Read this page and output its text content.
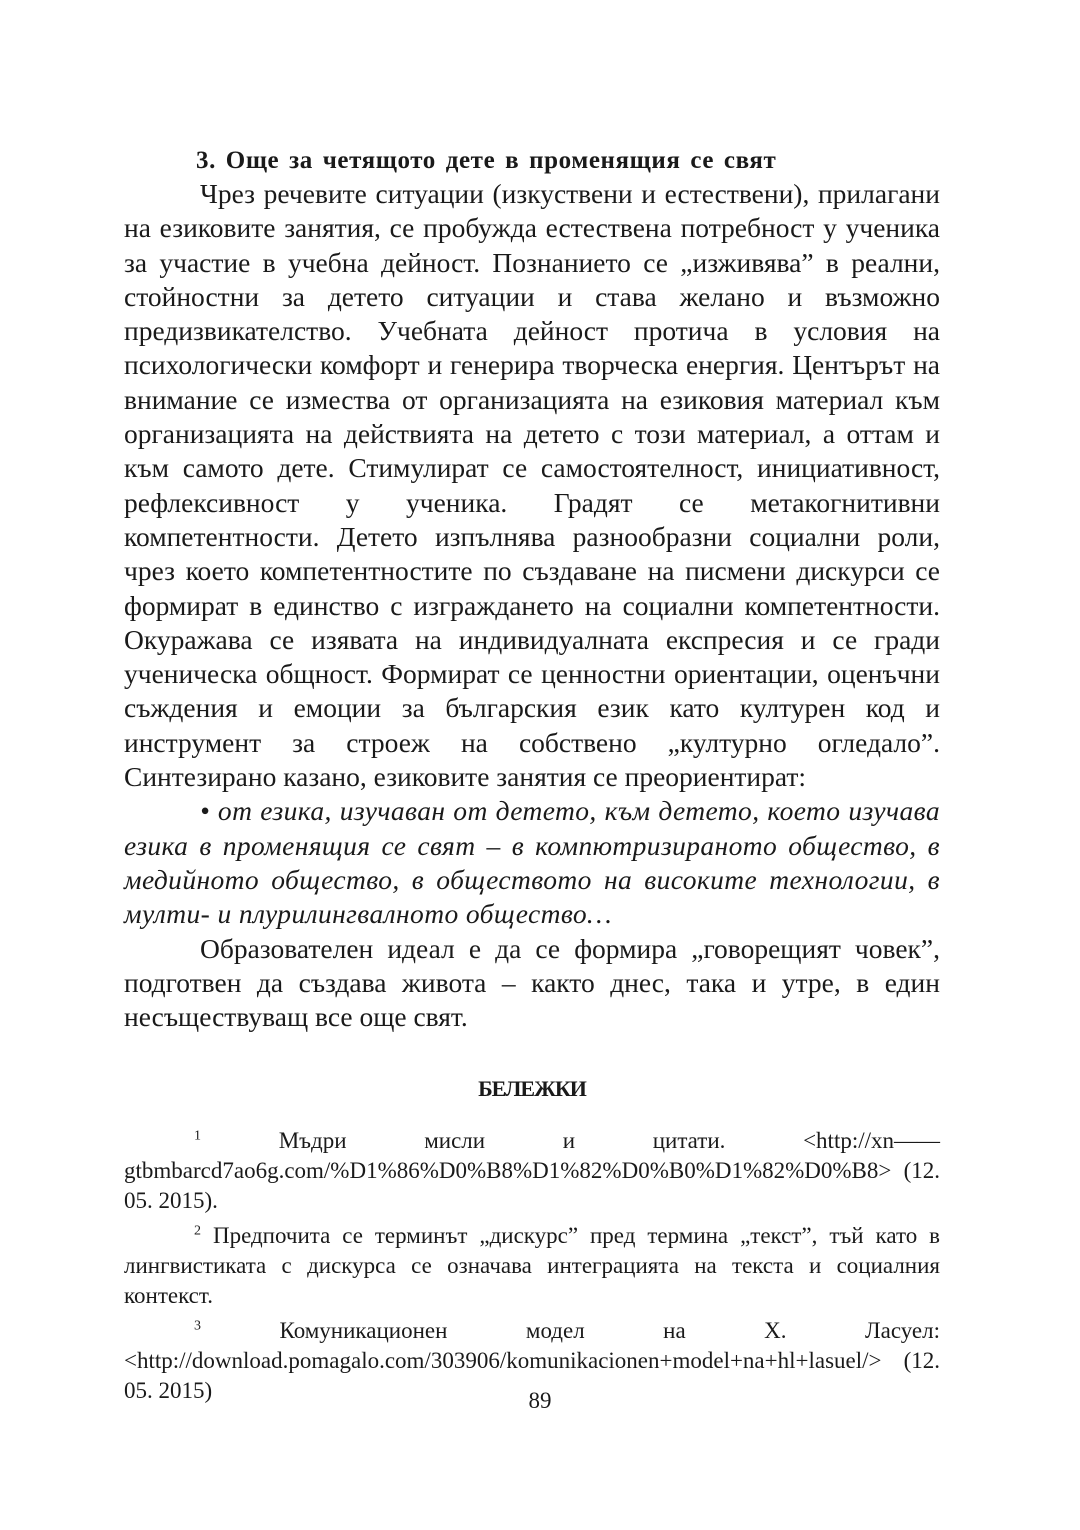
3. Още за четящото дете в променящия се свят

Чрез речевите ситуации (изкуствени и естествени), прилагани на езиковите занятия, се пробужда естествена потребност у ученика за участие в учебна дейност. Познанието се „изживява” в реални, стойностни за детето ситуации и става желано и възможно предизвикателство. Учебната дейност протича в условия на психологически комфорт и генерира творческа енергия. Центърът на внимание се измества от организацията на езиковия материал към организацията на действията на детето с този материал, а оттам и към самото дете. Стимулират се самостоятелност, инициативност, рефлексивност у ученика. Градят се метакогнитивни компетентности. Детето изпълнява разнообразни социални роли, чрез което компетентностите по създаване на писмени дискурси се формират в единство с изграждането на социални компетентности. Окуражава се изявата на индивидуалната експресия и се гради ученическа общност. Формират се ценностни ориентации, оценъчни съждения и емоции за българския език като културен код и инструмент за строеж на собствено „културно огледало”. Синтезирано казано, езиковите занятия се преориентират:

• от езика, изучаван от детето, към детето, което изучава езика в променящия се свят – в компютризираното общество, в медийното общество, в обществото на високите технологии, в мулти- и плурилингвалното общество…

Образователен идеал е да се формира „говорещият човек”, подготвен да създава живота – както днес, така и утре, в един несъществуващ все още свят.

БЕЛЕЖКИ

$^1$	Мъдри мисли и цитати. <http://xn——gtbmbarcd7ao6g.com/%D1%86%D0%B8%D1%82%D0%B0%D1%82%D0%B8> (12. 05. 2015).

$^2$ Предпочита се терминът „дискурс” пред термина „текст”, тъй като в лингвистиката с дискурса се означава интеграцията на текста и социалния контекст.

$^3$	Комуникационен модел на Х. Ласуел: <http://download.pomagalo.com/303906/komunikacionen+model+na+hl+lasuel/> (12. 05. 2015)	89
